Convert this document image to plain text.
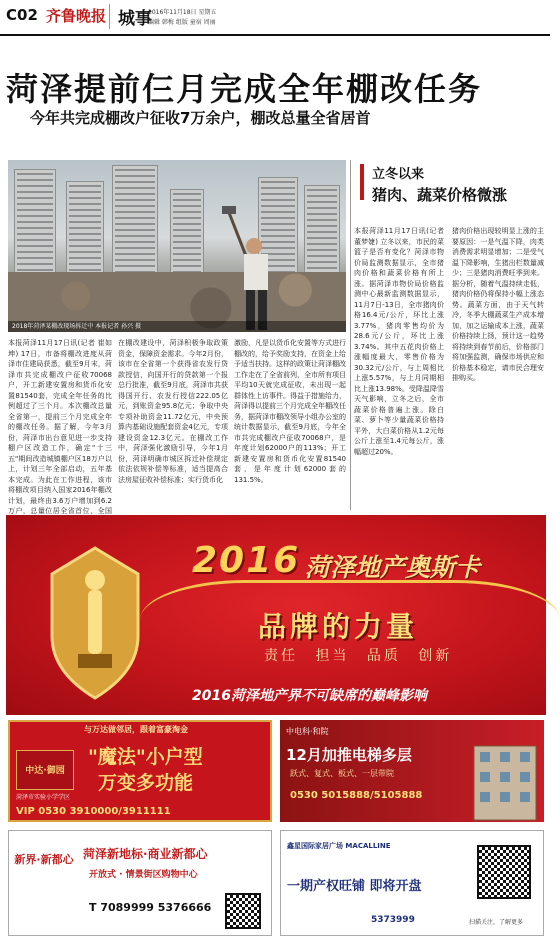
C02 齐鲁晚报 城事
2016年11月18日 星期五
编辑 韩梅 组版 童宿 周丽
菏泽提前仨月完成全年棚改任务
今年共完成棚改户征收7万余户，棚改总量全省居首
2018年菏泽某棚改现场拆迁中 本报记者 孙兴 摄
本报菏泽11月17日讯(记者 崔如坤) 17日，市备将棚改进度从菏泽市住建局获悉，截至9月末，菏泽市共完成棚改户征收70068户，开工新建安置房和货币化安置81540套，完成全年任务的比例超过了三个月。本次棚改总量全省第一，提前三个月完成全年的棚改任务。据了解，今年3月份，菏泽市出台意见进一步支持棚户区改造工作，确定"十三五"期间改造城镇棚户区18万户以上，计划三年全部启动，五年基本完成。为此在工作进程，该市将棚改项目纳入国家2016年棚改计划，最终由3.6万户增加到6.2万户，总量位居全省首位，全国
在棚改建设中，菏泽积极争取政策资金，保障资金需求。今年2月份，该市在全省第一个获得省农发行贷款授信，向国开行的贷款第一个报总行批准，截至9月底，菏泽市共获得国开行、农发行授信222.05亿元，到账资金95.8亿元；争取中央专项补助资金11.72亿元，中央预算内基础设施配套资金4亿元，专项建设资金12.3亿元。在棚改工作中，菏泽强化激励引导，今年1月份，菏泽明确市城区拆迁补偿规定依法依规补偿等标准，适当提高合法房屋征收补偿标准；实行货币化
激励，凡是以货币化安置等方式进行棚改的，给予奖励支持，在资金上给予适当扶持。这样的政策让菏泽棚改工作走在了全省前列，全市所有项目平均10天就完成征收，未出现一起群体性上访事件。得益于措施给力，菏泽得以提前三个月完成全年棚改任务，据菏泽市棚改领导小组办公室的统计数据显示，截至9月底，今年全市共完成棚改户征收70068户，是年度计划62000户的113%；开工新建安置房和货币化安置81540套，是年度计划62000套的131.5%。
立冬以来
猪肉、蔬菜价格微涨
本报菏泽11月17日讯(记者 董梦婕) 立冬以来，市民的菜篮子是否有变化？菏泽市物价局监测数据显示，全市猪肉价格和蔬菜价格有所上涨。据菏泽市物价局价格监测中心最新监测数据显示，11月7日-13日，全市猪肉价格16.4元/公斤，环比上涨3.77%，猪肉零售均价为28.6元/公斤，环比上涨3.74%。其中五花肉价格上涨幅度最大，零售价格为30.32元/公斤，与上周相比上涨5.57%，与上月同期相比上涨13.98%。受降温降雪天气影响，立冬之后，全市蔬菜价格普遍上涨。除白菜、萝卜等少量蔬菜价格持平外，大白菜价格从1.2元每公斤上涨至1.4元每公斤，涨幅超过20%。
猪肉价格出现较明显上涨的主要原因：一是气温下降，肉类消费需求明显增加；二是受气温下降影响，生猪出栏数量减少；三是猪肉消费旺季到来。据分析，随着气温持续走低，猪肉价格仍将保持小幅上涨态势。蔬菜方面，由于天气转冷，冬季大棚蔬菜生产成本增加，加之运输成本上涨，蔬菜价格持续上扬，预计这一趋势将持续到春节前后，价格部门将加强监测，确保市场供应和价格基本稳定，请市民合理安排购买。
2016 菏泽地产奥斯卡
品牌的力量
责任 担当 品质 创新
2016菏泽地产界不可缺席的巅峰影响
与万达做邻居，跟着富豪淘金
中达·御园
"魔法"小户型
万变多功能
菏泽市实验小学学区
VIP 0530 3910000/3911111
中电科·和院
12月加推电梯多层
跃式、复式、板式、一层带院
0530 5015888/5105888
新界·新都心 菏泽新地标·商业新都心
开放式 · 情景街区购物中心
T 7089999 5376666
鑫星国际家居广场 MACALLINE
一期产权旺铺 即将开盘
5373999	扫描关注，了解更多
